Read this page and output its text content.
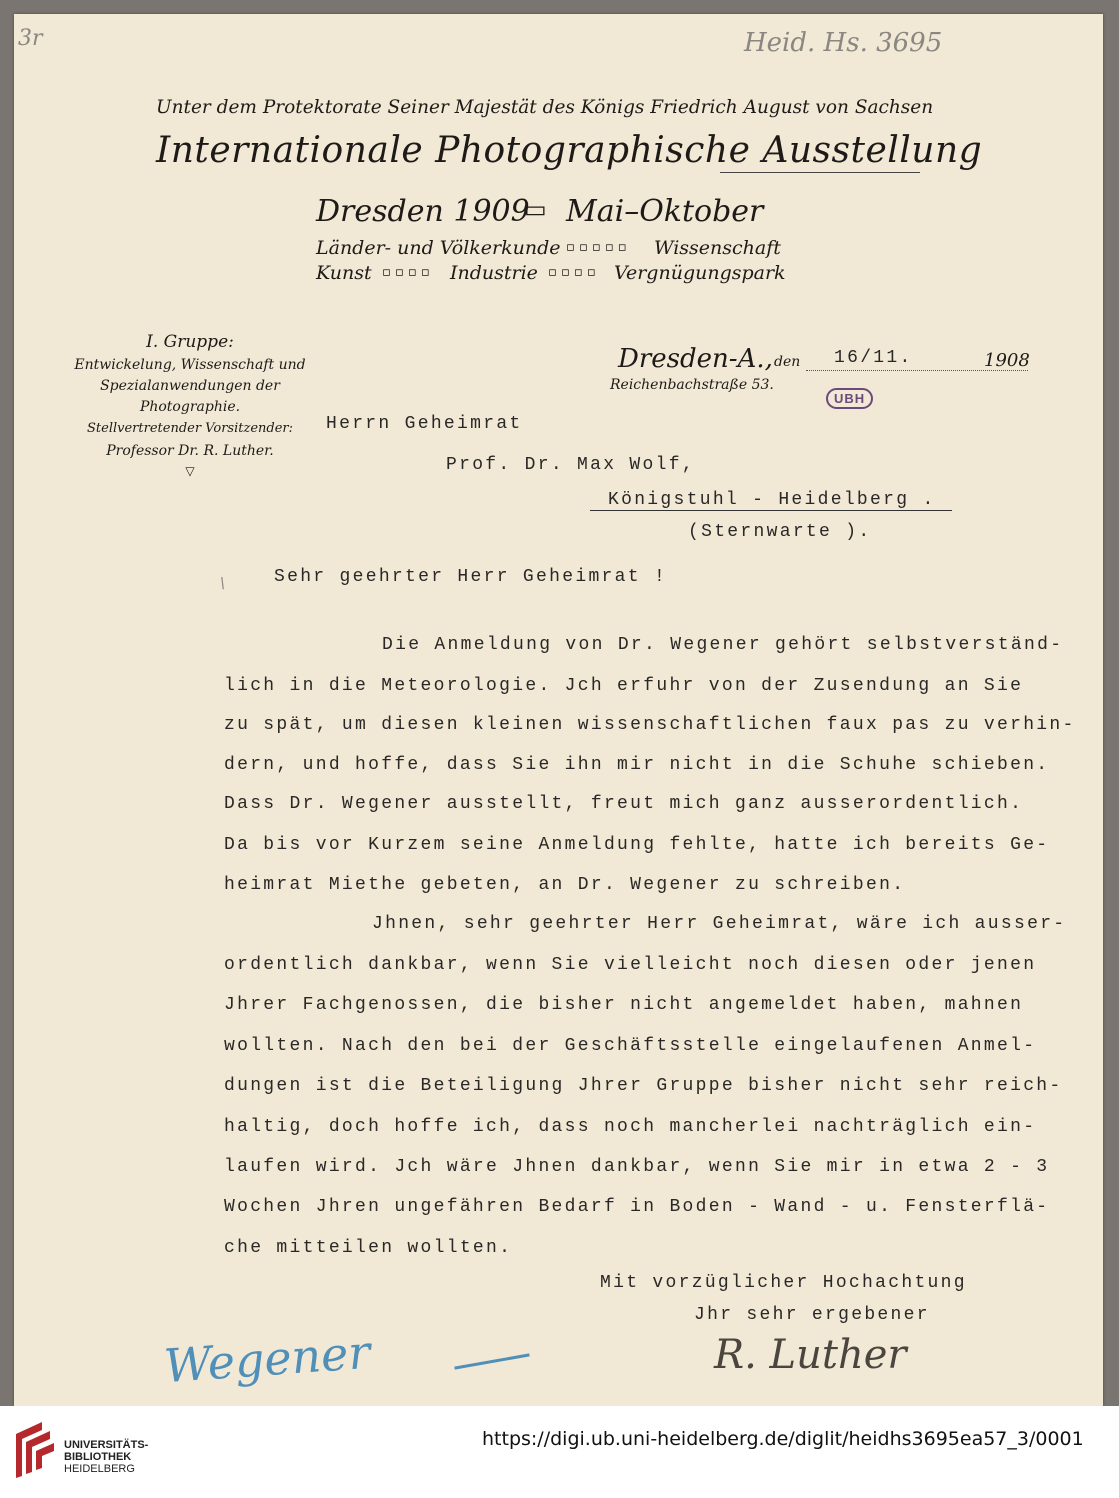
3r	Heid. Hs. 3695
Unter dem Protektorate Seiner Majestät des Königs Friedrich August von Sachsen
Internationale Photographische Ausstellung
Dresden 1909
▭ Mai–Oktober
Länder- und Völkerkunde ▫ ▫ ▫ ▫ ▫ Wissenschaft
Kunst ▫ ▫ ▫ ▫ Industrie ▫ ▫ ▫ ▫ Vergnügungspark
I. Gruppe:
Entwickelung, Wissenschaft und
Spezialanwendungen der
Photographie.
Stellvertretender Vorsitzender:
Professor Dr. R. Luther.
▽
Dresden-A., den 16/11.	1908
Reichenbachstraße 53.
UBH
Herrn Geheimrat
Prof. Dr. Max Wolf,
Königstuhl - Heidelberg .
(Sternwarte ).
\	Sehr geehrter Herr Geheimrat !
Die Anmeldung von Dr. Wegener gehört selbstverständ-
lich in die Meteorologie. Jch erfuhr von der Zusendung an Sie
zu spät, um diesen kleinen wissenschaftlichen faux pas zu verhin-
dern, und hoffe, dass Sie ihn mir nicht in die Schuhe schieben.
Dass Dr. Wegener ausstellt, freut mich ganz ausserordentlich.
Da bis vor Kurzem seine Anmeldung fehlte, hatte ich bereits Ge-
heimrat Miethe gebeten, an Dr. Wegener zu schreiben.
Jhnen, sehr geehrter Herr Geheimrat, wäre ich ausser-
ordentlich dankbar, wenn Sie vielleicht noch diesen oder jenen
Jhrer Fachgenossen, die bisher nicht angemeldet haben, mahnen
wollten. Nach den bei der Geschäftsstelle eingelaufenen Anmel-
dungen ist die Beteiligung Jhrer Gruppe bisher nicht sehr reich-
haltig, doch hoffe ich, dass noch mancherlei nachträglich ein-
laufen wird. Jch wäre Jhnen dankbar, wenn Sie mir in etwa 2 - 3
Wochen Jhren ungefähren Bedarf in Boden - Wand - u. Fensterflä-
che mitteilen wollten.
Mit vorzüglicher Hochachtung
Jhr sehr ergebener
R. Luther
Wegener
UNIVERSITÄTS-
BIBLIOTHEK
HEIDELBERG
https://digi.ub.uni-heidelberg.de/diglit/heidhs3695ea57_3/0001
